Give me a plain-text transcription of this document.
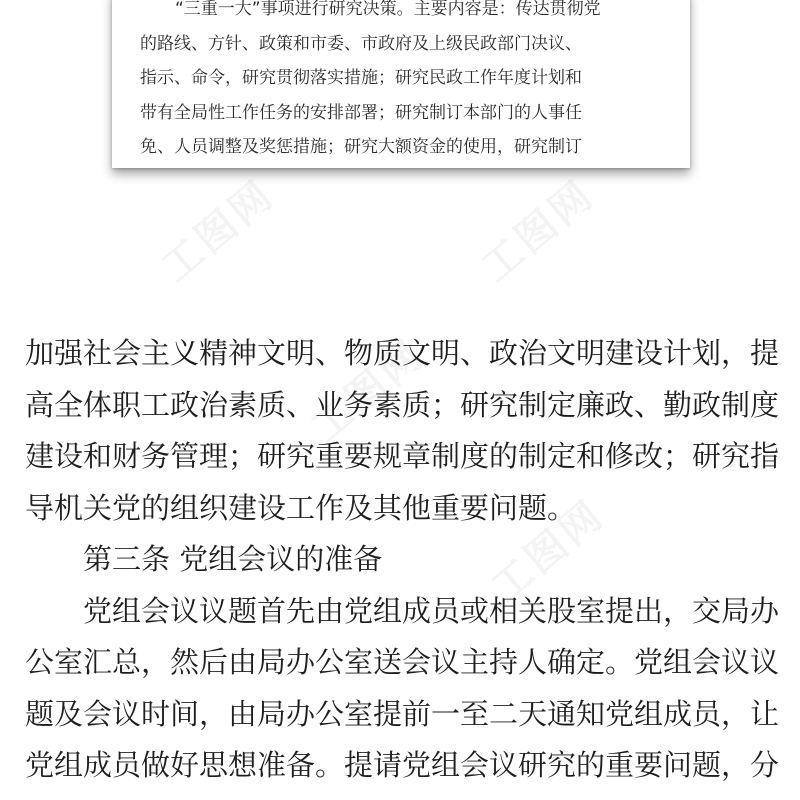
“三重一大”事项进行研究决策。主要内容是：传达贯彻党
的路线、方针、政策和市委、市政府及上级民政部门决议、
指示、命令，研究贯彻落实措施；研究民政工作年度计划和
带有全局性工作任务的安排部署；研究制订本部门的人事任
免、人员调整及奖惩措施；研究大额资金的使用，研究制订
工图网	工图网
工图网
工图网
加强社会主义精神文明、物质文明、政治文明建设计划，提
高全体职工政治素质、业务素质；研究制定廉政、勤政制度
建设和财务管理；研究重要规章制度的制定和修改；研究指
导机关党的组织建设工作及其他重要问题。
第三条 党组会议的准备
党组会议议题首先由党组成员或相关股室提出，交局办
公室汇总，然后由局办公室送会议主持人确定。党组会议议
题及会议时间，由局办公室提前一至二天通知党组成员，让
党组成员做好思想准备。提请党组会议研究的重要问题，分
